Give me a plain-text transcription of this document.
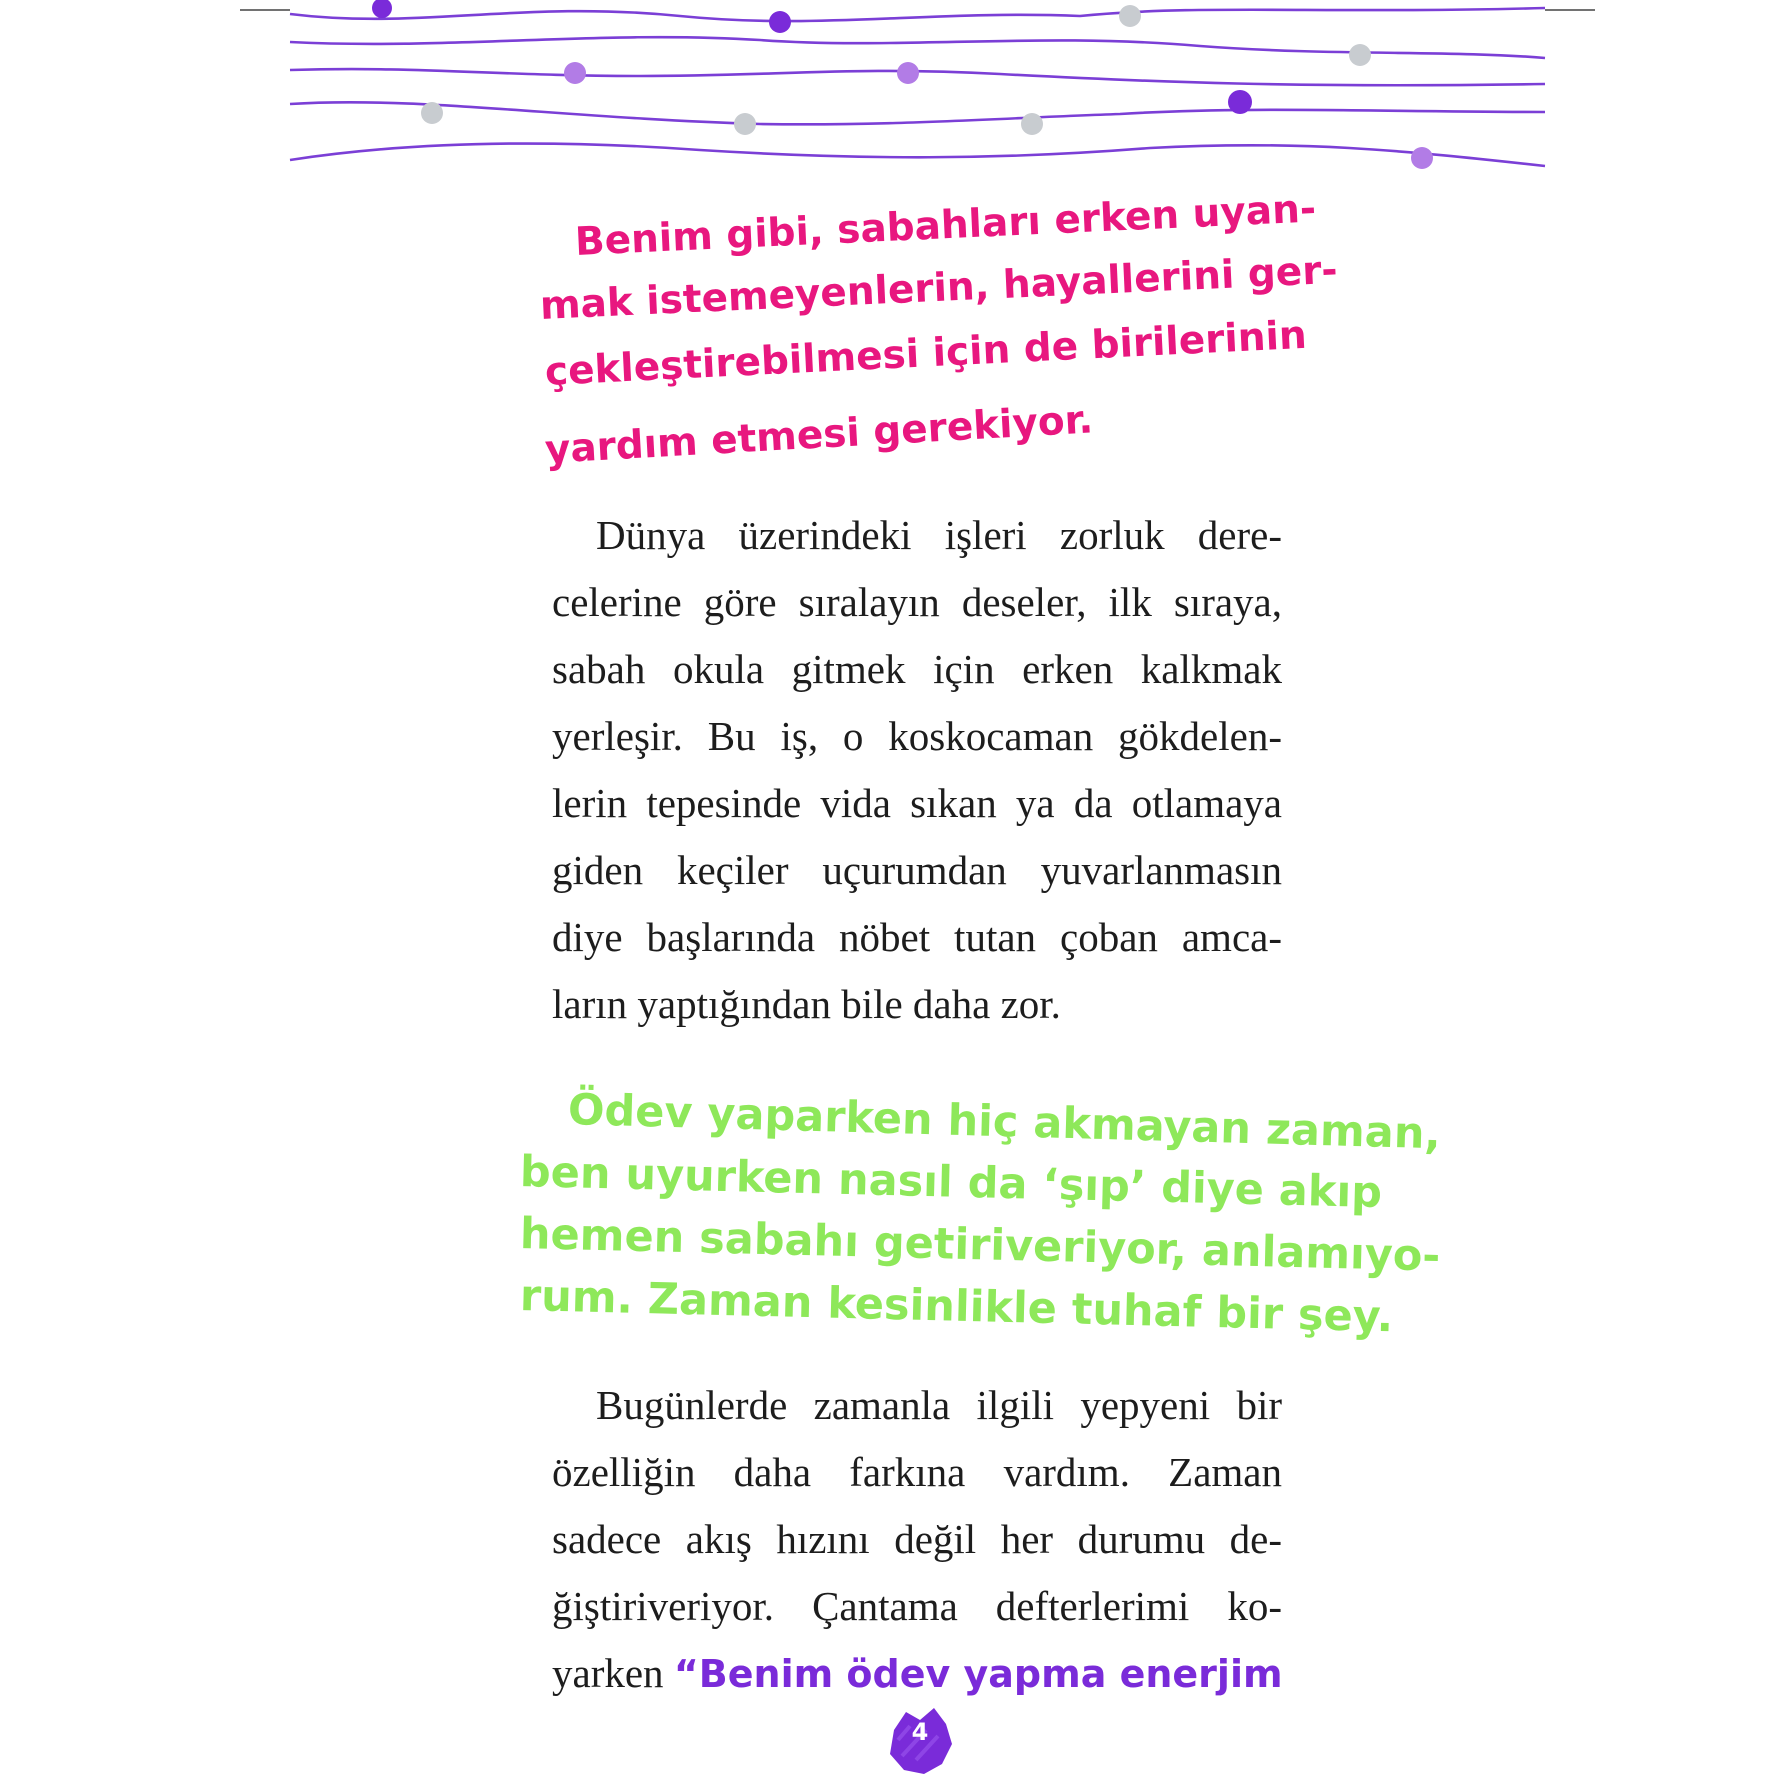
Benim gibi, sabahları erken uyan-
mak istemeyenlerin, hayallerini ger-
çekleştirebilmesi için de birilerinin
yardım etmesi gerekiyor.
Dünya üzerindeki işleri zorluk dere-
celerine göre sıralayın deseler, ilk sıraya,
sabah okula gitmek için erken kalkmak
yerleşir. Bu iş, o koskocaman gökdelen-
lerin tepesinde vida sıkan ya da otlamaya
giden keçiler uçurumdan yuvarlanmasın
diye başlarında nöbet tutan çoban amca-
ların yaptığından bile daha zor.
Ödev yaparken hiç akmayan zaman,
ben uyurken nasıl da ‘şıp’ diye akıp
hemen sabahı getiriveriyor, anlamıyo-
rum. Zaman kesinlikle tuhaf bir şey.
Bugünlerde zamanla ilgili yepyeni bir
özelliğin daha farkına vardım. Zaman
sadece akış hızını değil her durumu de-
ğiştiriveriyor. Çantama defterlerimi ko-
yarken “Benim ödev yapma enerjim
4
